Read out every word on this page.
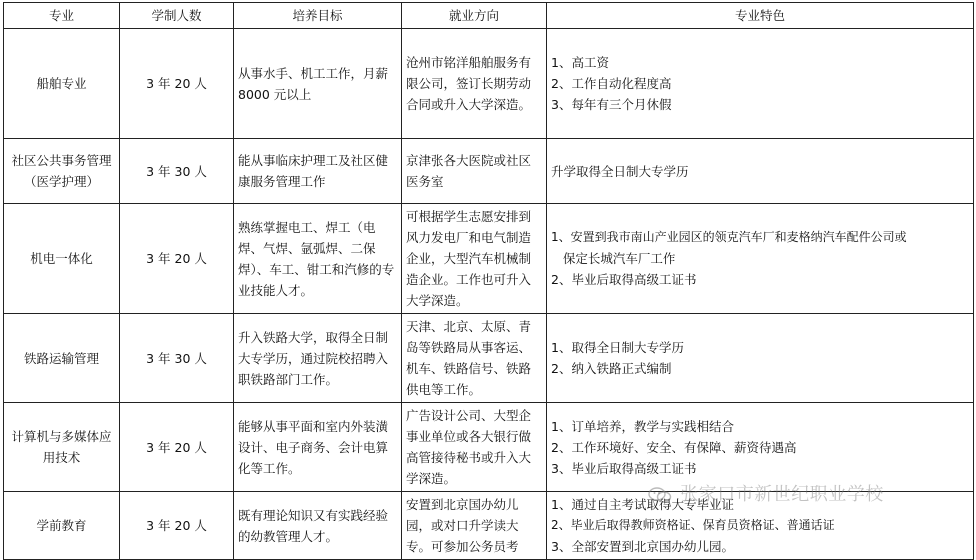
专业	学制人数	培养目标	就业方向	专业特色
船舶专业	3 年 20 人	从事水手、机工工作，月薪 8000 元以上	沧州市铭洋船舶服务有限公司，签订长期劳动合同或升入大学深造。	1、高工资
2、工作自动化程度高
3、每年有三个月休假

社区公共事务管理（医学护理）	3 年 30 人	能从事临床护理工及社区健康服务管理工作	京津张各大医院或社区医务室	升学取得全日制大专学历

机电一体化	3 年 20 人	熟练掌握电工、焊工（电焊、气焊、氩弧焊、二保焊）、车工、钳工和汽修的专业技能人才。	可根据学生志愿安排到风力发电厂和电气制造企业，大型汽车机械制造企业。工作也可升入大学深造。	1、安置到我市南山产业园区的领克汽车厂和麦格纳汽车配件公司或
保定长城汽车厂工作
2、毕业后取得高级工证书

铁路运输管理	3 年 30 人	升入铁路大学，取得全日制大专学历，通过院校招聘入职铁路部门工作。	天津、北京、太原、青岛等铁路局从事客运、机车、铁路信号、铁路供电等工作。	1、取得全日制大专学历
2、纳入铁路正式编制

计算机与多媒体应用技术	3 年 20 人	能够从事平面和室内外装潢设计、电子商务、会计电算化等工作。	广告设计公司、大型企事业单位或各大银行做高管接待秘书或升入大学深造。	1、订单培养，教学与实践相结合
2、工作环境好、安全、有保障、薪资待遇高
3、毕业后取得高级工证书

学前教育	3 年 20 人	既有理论知识又有实践经验的幼教管理人才。	安置到北京国办幼儿园，或对口升学读大专。可参加公务员考	1、通过自主考试取得大专毕业证
2、毕业后取得教师资格证、保育员资格证、普通话证
3、全部安置到北京国办幼儿园。
张家口市新世纪职业学校
